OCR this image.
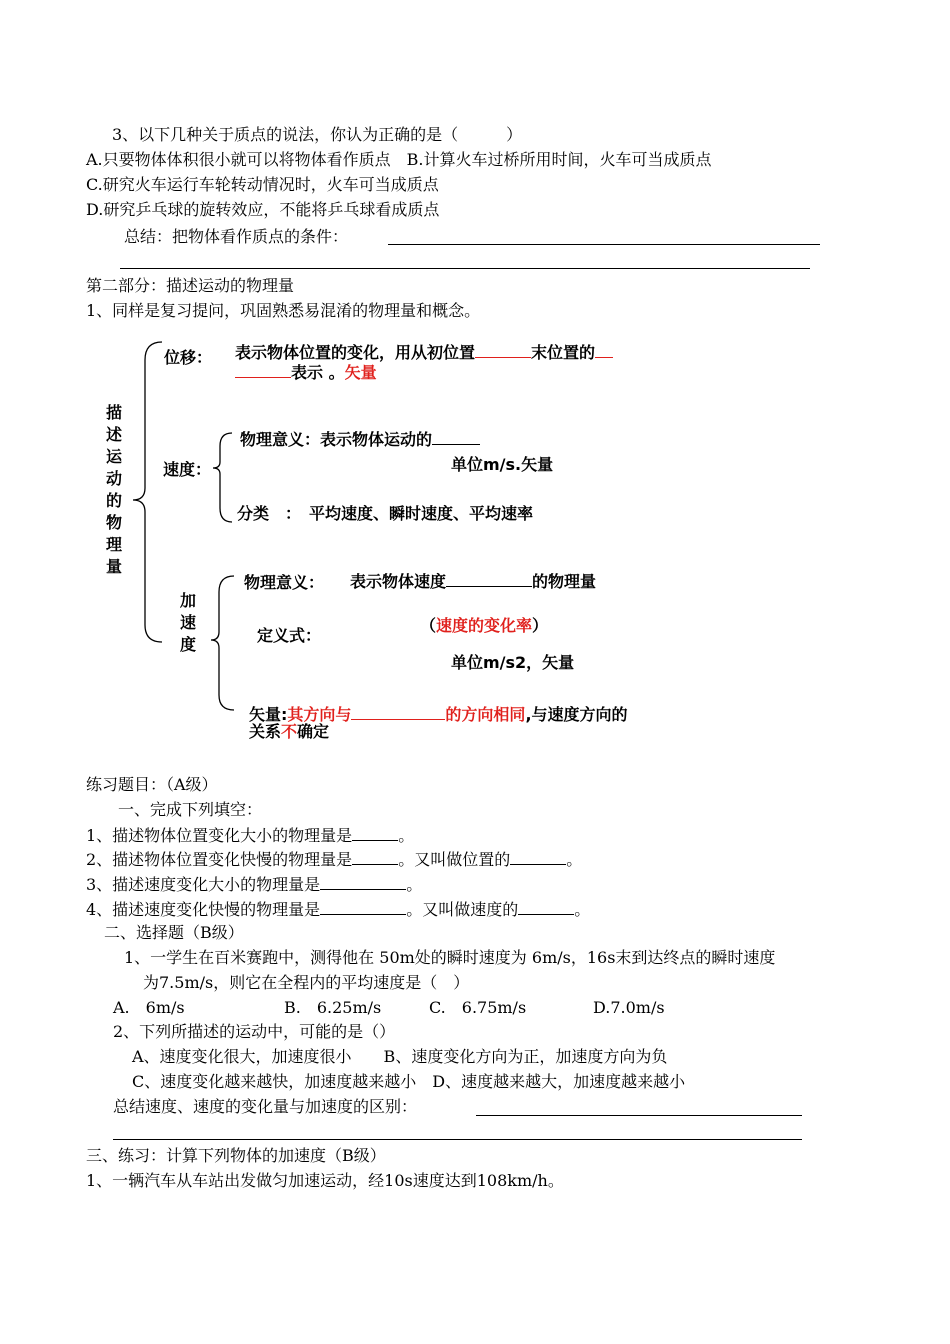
3、以下几种关于质点的说法，你认为正确的是（　　　）
A.只要物体体积很小就可以将物体看作质点　B.计算火车过桥所用时间，火车可当成质点
C.研究火车运行车轮转动情况时，火车可当成质点
D.研究乒乓球的旋转效应，不能将乒乓球看成质点
总结：把物体看作质点的条件：
第二部分：描述运动的物理量
1、同样是复习提问，巩固熟悉易混淆的物理量和概念。
描述运动的物理量
位移： 表示物体位置的变化，用从初位置	末位置的
表示 。矢量
速度：
物理意义：表示物体运动的
单位m/s.矢量
分类　：　平均速度、瞬时速度、平均速率
加速度
物理意义： 表示物体速度	的物理量
定义式：
（速度的变化率）
单位m/s2，矢量
矢量:其方向与	的方向相同,与速度方向的
关系不确定
练习题目：（A级）
一、完成下列填空：
1、描述物体位置变化大小的物理量是	。
2、描述物体位置变化快慢的物理量是	。又叫做位置的	。
3、描述速度变化大小的物理量是	。
4、描述速度变化快慢的物理量是	。又叫做速度的	。
二、选择题（B级）
1、一学生在百米赛跑中，测得他在 50m处的瞬时速度为 6m/s，16s末到达终点的瞬时速度
为7.5m/s，则它在全程内的平均速度是（　）
A.　6m/s	B.　6.25m/s	C.　6.75m/s	D.7.0m/s
2、下列所描述的运动中，可能的是（）
A、速度变化很大，加速度很小　　B、速度变化方向为正，加速度方向为负
C、速度变化越来越快，加速度越来越小　D、速度越来越大，加速度越来越小
总结速度、速度的变化量与加速度的区别：
三、练习：计算下列物体的加速度（B级）
1、一辆汽车从车站出发做匀加速运动，经10s速度达到108km/h。
